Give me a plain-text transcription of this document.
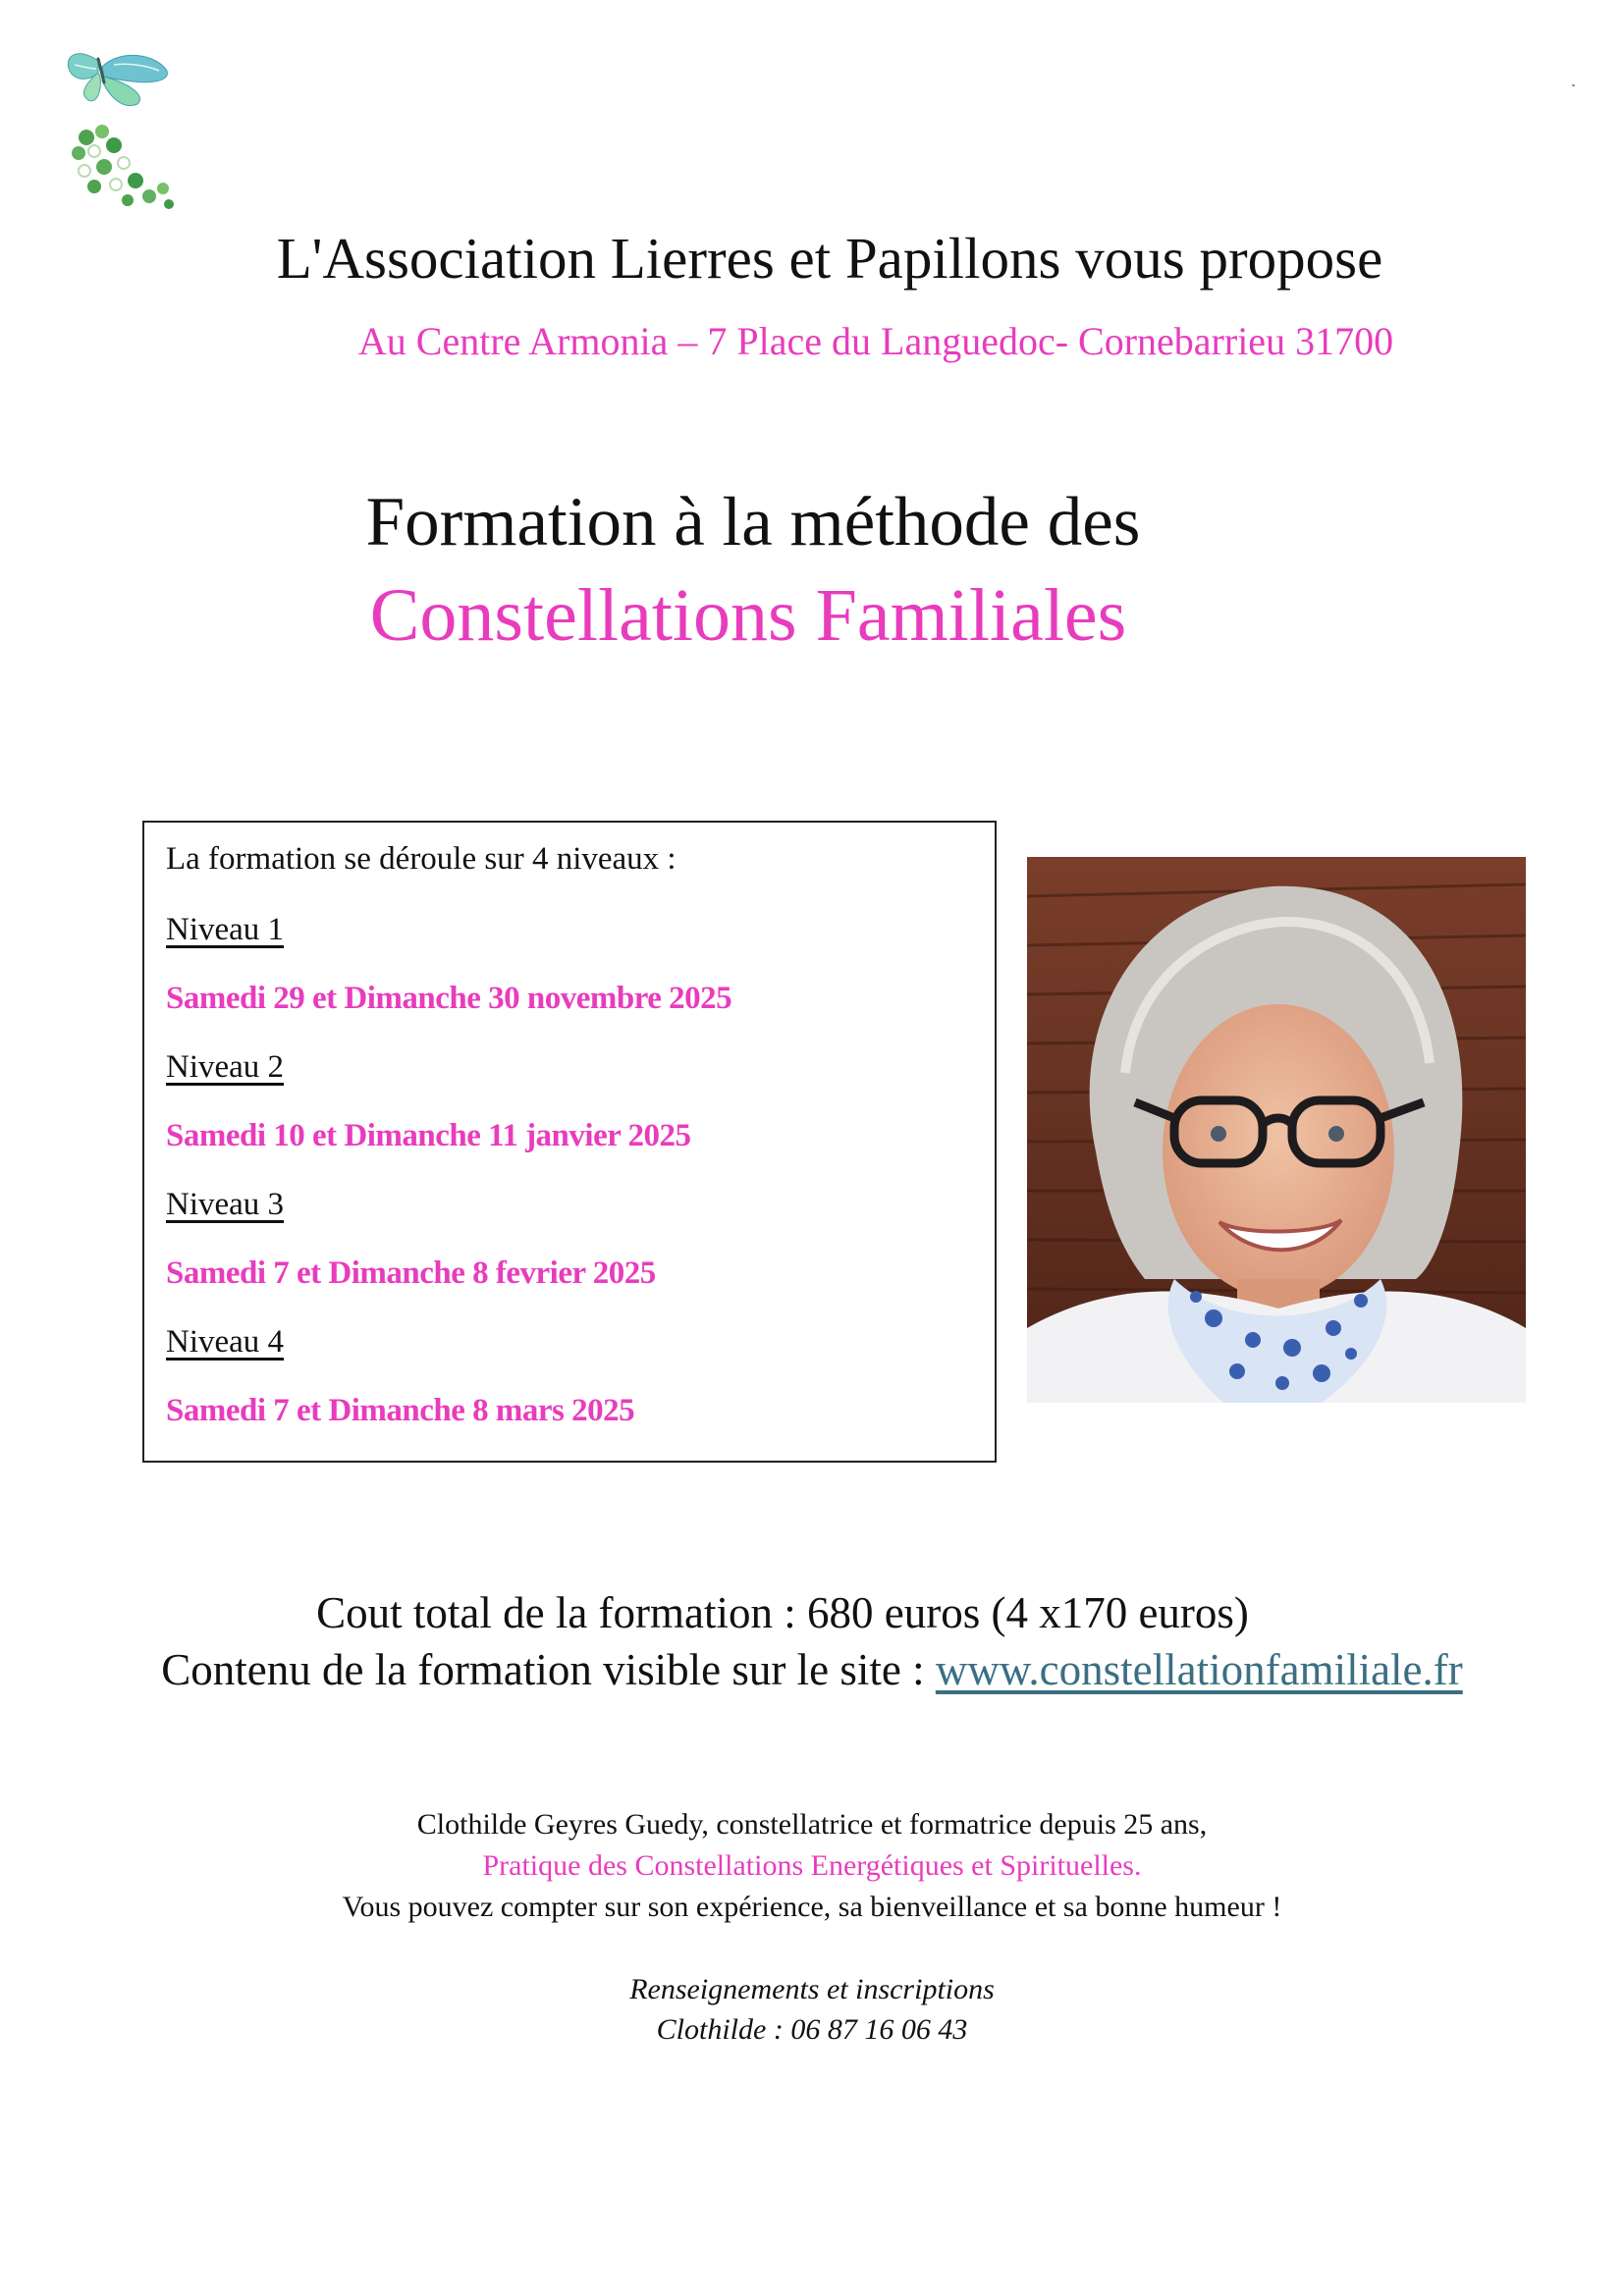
L'Association Lierres et Papillons vous propose
Au Centre Armonia – 7 Place du Languedoc- Cornebarrieu 31700
Formation à la méthode des
Constellations Familiales
La formation se déroule sur 4 niveaux :
Niveau 1
Samedi 29 et Dimanche 30 novembre 2025
Niveau 2
Samedi 10 et Dimanche 11 janvier 2025
Niveau 3
Samedi 7 et Dimanche 8 fevrier 2025
Niveau 4
Samedi 7 et Dimanche 8 mars 2025
Cout total de la formation : 680 euros (4 x170 euros)
Contenu de la formation visible sur le site : www.constellationfamiliale.fr
Clothilde Geyres Guedy, constellatrice et formatrice depuis 25 ans,
Pratique des Constellations Energétiques et Spirituelles.
Vous pouvez compter sur son expérience, sa bienveillance et sa bonne humeur !
Renseignements et inscriptions
Clothilde : 06 87 16 06 43
